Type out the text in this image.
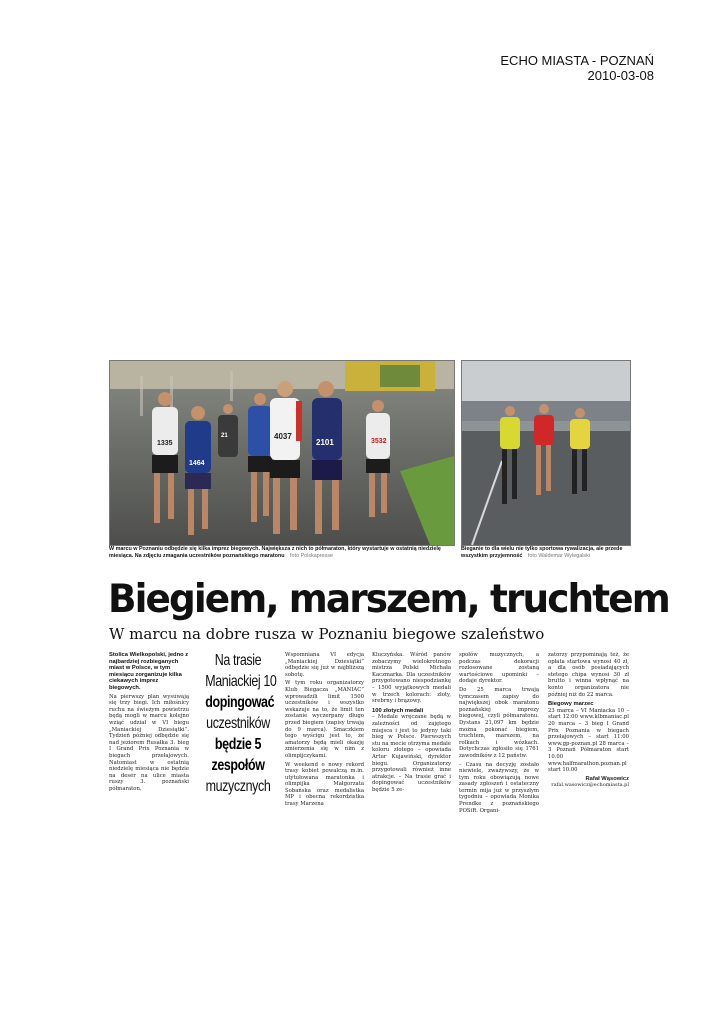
ECHO MIASTA - POZNAŃ
2010-03-08
1335
1464
4037
2101	3532
21
W marcu w Poznaniu odbędzie się kilka imprez biegowych. Największa z nich to półmaraton, który wystartuje w ostatnią niedzielę miesiąca. Na zdjęciu zmagania uczestników poznańskiego maratonu foto Polskapresse
Bieganie to dla wielu nie tylko sportowa rywalizacja, ale przede wszystkim przyjemność foto Waldemar Wylegalski
Biegiem, marszem, truchtem
W marcu na dobre rusza w Poznaniu biegowe szaleństwo

Stolica Wielkopolski, jedno z najbardziej rozbieganych miast w Polsce, w tym miesiącu zorganizuje kilka ciekawych imprez biegowych.

Na pierwszy plan wysuwają się trzy biegi. Ich miłośnicy ruchu na świeżym powietrzu będą mogli w marcu kolejno wziąć udział w VI biegu „Maniackiej Dziesiątki”. Tydzień później odbędzie się nad jeziorem Rusałka 3. bieg I Grand Prix Poznania w biegach przełajowych. Natomiast w ostatnią niedzielę miesiąca nie będzie na deser na ulice miasta ruszy 3. poznański półmaraton.

Na trasie
Maniackiej 10
dopingować
uczestników
będzie 5
zespołów
muzycznych

Wspomniana VI edycja „Maniackiej Dziesiątki” odbędzie się już w najbliższą sobotę.

W tym roku organizatorzy Klub Biegacza „MANIAC” wprowadzili limit 1500 uczestników i wszystko wskazuje na to, że limit ten zostanie wyczerpany długo przed biegiem (zapisy trwają do 9 marca). Smaczkiem tego wyścigu jest to, że amatorzy będą mieli okazję zmierzenia się w nim z olimpijczykami.

W weekend o nowy rekord trasy kobiet powalczą m.in. utytułowana maratonka i olimpijka Małgorzata Sobańska oraz medalistka MP i obecna rekordzistka trasy Marzena

Kluczyńska. Wśród panów zobaczymy wielokrotnego mistrza Polski Michała Kaczmarka. Dla uczestników przygotowano niespodziankę – 1500 wyjątkowych medali w trzech kolorach: złoty, srebrny i brązowy.

100 złotych medali

– Medale wręczane będą w zależności od zajętego miejsca i jest to jedyny taki bieg w Polsce. Pierwszych stu na mecie otrzyma medale koloru złotego – opowiada Artur Kujawiński, dyrektor biegu. Organizatorzy przygotowali również inne atrakcje. – Na trasie grać i dopingować uczestników będzie 5 ze-

społów muzycznych, a podczas dekoracji rozlosowane zostaną wartościowe upominki – dodaje dyrektor.

Do 25 marca trwają tymczasem zapisy do największej obok maratonu poznańskiej imprezy biegowej, czyli półmaratonu. Dystans 21,097 km będzie można pokonać biegiem, truchtem, marszem, na rolkach i wózkach. Dotychczas zgłosiło się 1761 zawodników z 12 państw.

– Czasu na decyzję zostało niewiele, zważywszy, że w tym roku obowiązują nowe zasady zgłoszeń i ostateczny termin mija już w przyszłym tygodniu – opowiada Monika Prendke z poznańskiego POSiR. Organi-

zatorzy przypominają też, że opłata startowa wynosi 40 zł, a dla osób posiadających stetego chipa wynosi 30 zł brutto i winna wpłynąć na konto organizatora nie później niż do 22 marca.

Biegowy marzec

23 marca – VI Maniacka 10 – start 12:00 www.klbmaniac.pl 20 marca – 3 bieg I Grand Prix Poznania w biegach przełajowych – start 11:00 www.gp-poznan.pl 28 marca – 3 Poznań Półmaraton start 10.00 www.halfmarathon.poznan.pl start 10.00

Rafał Wąsowicz
rafal.wasowicz@echomiasta.pl
